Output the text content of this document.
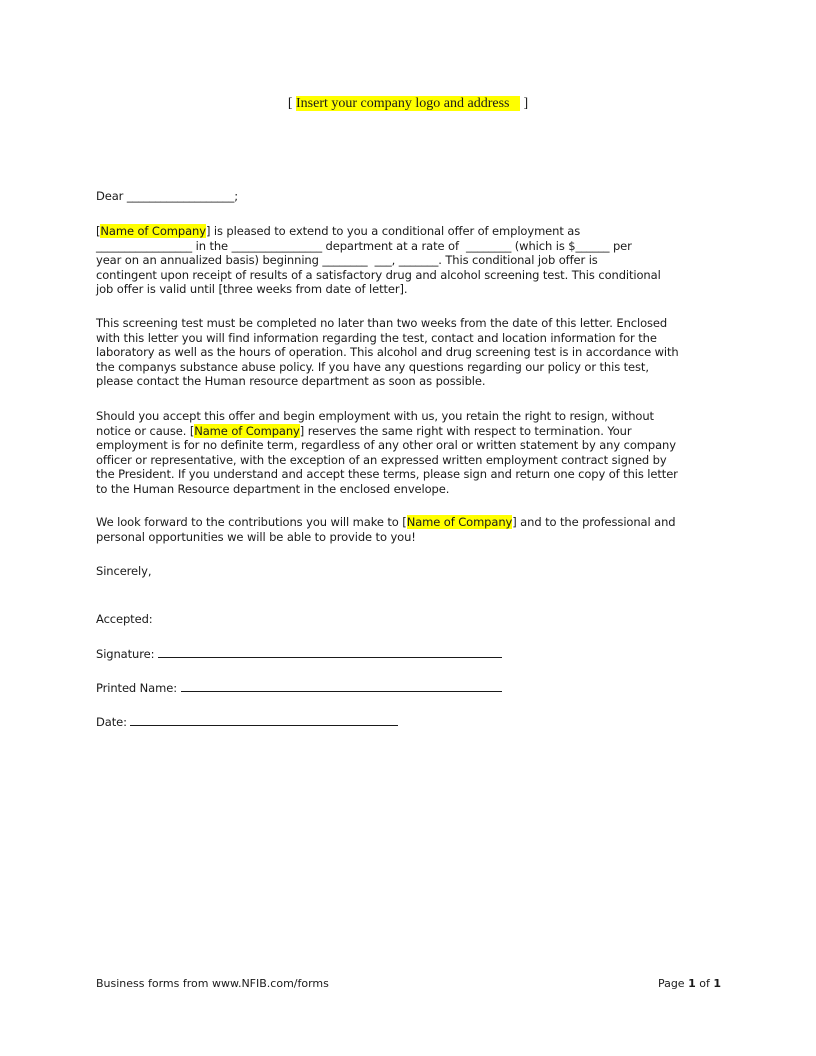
[ Insert your company logo and address ]
Dear ___________________;
[Name of Company] is pleased to extend to you a conditional offer of employment as
_________________ in the ________________ department at a rate of  ________ (which is $______ per
year on an annualized basis) beginning ________  ___, _______. This conditional job offer is
contingent upon receipt of results of a satisfactory drug and alcohol screening test. This conditional
job offer is valid until [three weeks from date of letter].
This screening test must be completed no later than two weeks from the date of this letter. Enclosed
with this letter you will find information regarding the test, contact and location information for the
laboratory as well as the hours of operation. This alcohol and drug screening test is in accordance with
the companys substance abuse policy. If you have any questions regarding our policy or this test,
please contact the Human resource department as soon as possible.
Should you accept this offer and begin employment with us, you retain the right to resign, without
notice or cause. [Name of Company] reserves the same right with respect to termination. Your
employment is for no definite term, regardless of any other oral or written statement by any company
officer or representative, with the exception of an expressed written employment contract signed by
the President. If you understand and accept these terms, please sign and return one copy of this letter
to the Human Resource department in the enclosed envelope.
We look forward to the contributions you will make to [Name of Company] and to the professional and
personal opportunities we will be able to provide to you!
Sincerely,
Accepted:
Signature:
Printed Name:
Date:
Business forms from www.NFIB.com/forms	Page 1 of 1
